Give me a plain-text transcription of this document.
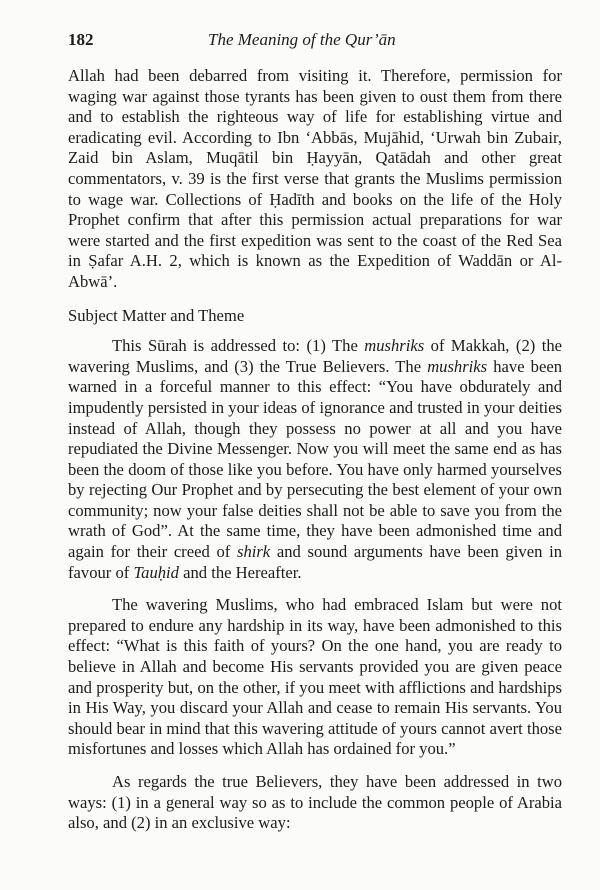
182	The Meaning of the Qur’ān

Allah had been debarred from visiting it. Therefore, permission for waging war against those tyrants has been given to oust them from there and to establish the righteous way of life for establishing virtue and eradicating evil. According to Ibn ‘Abbās, Mujāhid, ‘Urwah bin Zubair, Zaid bin Aslam, Muqātil bin Ḥayyān, Qatādah and other great commentators, v. 39 is the first verse that grants the Muslims permission to wage war. Collections of Ḥadīth and books on the life of the Holy Prophet confirm that after this permission actual preparations for war were started and the first expedition was sent to the coast of the Red Sea in Ṣafar A.H. 2, which is known as the Expedition of Waddān or Al-Abwā’.

Subject Matter and Theme

This Sūrah is addressed to: (1) The mushriks of Makkah, (2) the wavering Muslims, and (3) the True Believers. The mushriks have been warned in a forceful manner to this effect: “You have obdurately and impudently persisted in your ideas of ignorance and trusted in your deities instead of Allah, though they possess no power at all and you have repudiated the Divine Messenger. Now you will meet the same end as has been the doom of those like you before. You have only harmed yourselves by rejecting Our Prophet and by persecuting the best element of your own community; now your false deities shall not be able to save you from the wrath of God”. At the same time, they have been admonished time and again for their creed of shirk and sound arguments have been given in favour of Tauḥid and the Hereafter.

The wavering Muslims, who had embraced Islam but were not prepared to endure any hardship in its way, have been admonished to this effect: “What is this faith of yours? On the one hand, you are ready to believe in Allah and become His servants provided you are given peace and prosperity but, on the other, if you meet with afflictions and hardships in His Way, you discard your Allah and cease to remain His servants. You should bear in mind that this wavering attitude of yours cannot avert those misfortunes and losses which Allah has ordained for you.”

As regards the true Believers, they have been addressed in two ways: (1) in a general way so as to include the common people of Arabia also, and (2) in an exclusive way:
